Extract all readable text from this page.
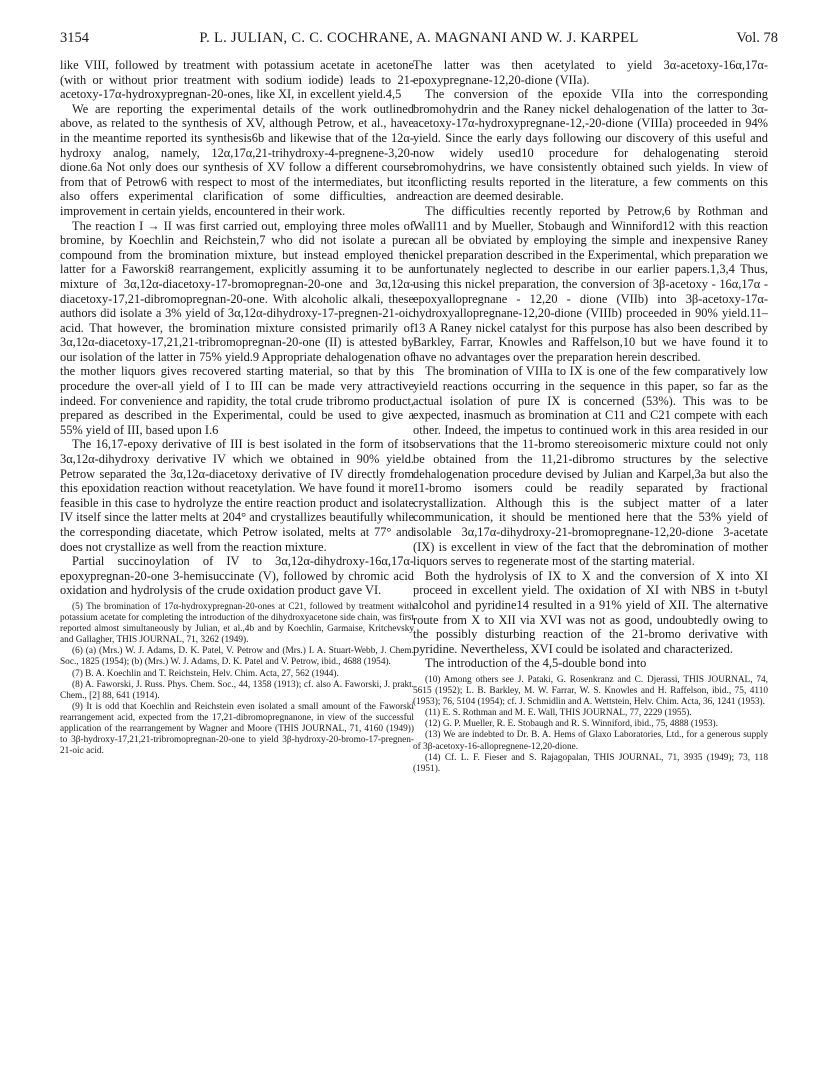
3154	P. L. JULIAN, C. C. COCHRANE, A. MAGNANI AND W. J. KARPEL	Vol. 78

like VIII, followed by treatment with potassium acetate in acetone (with or without prior treatment with sodium iodide) leads to 21-acetoxy-17α-hydroxypregnan-20-ones, like XI, in excellent yield.4,5

We are reporting the experimental details of the work outlined above, as related to the synthesis of XV, although Petrow, et al., have in the meantime reported its synthesis6b and likewise that of the 12α-hydroxy analog, namely, 12α,17α,21-trihydroxy-4-pregnene-3,20-dione.6a Not only does our synthesis of XV follow a different course from that of Petrow6 with respect to most of the intermediates, but it also offers experimental clarification of some difficulties, and improvement in certain yields, encountered in their work.

The reaction I → II was first carried out, employing three moles of bromine, by Koechlin and Reichstein,7 who did not isolate a pure compound from the bromination mixture, but instead employed the latter for a Faworski8 rearrangement, explicitly assuming it to be a mixture of 3α,12α-diacetoxy-17-bromopregnan-20-one and 3α,12α-diacetoxy-17,21-dibromopregnan-20-one. With alcoholic alkali, these authors did isolate a 3% yield of 3α,12α-dihydroxy-17-pregnen-21-oic acid. That however, the bromination mixture consisted primarily of 3α,12α-diacetoxy-17,21,21-tribromopregnan-20-one (II) is attested by our isolation of the latter in 75% yield.9 Appropriate dehalogenation of the mother liquors gives recovered starting material, so that by this procedure the over-all yield of I to III can be made very attractive indeed. For convenience and rapidity, the total crude tribromo product, prepared as described in the Experimental, could be used to give a 55% yield of III, based upon I.6

The 16,17-epoxy derivative of III is best isolated in the form of its 3α,12α-dihydroxy derivative IV which we obtained in 90% yield. Petrow separated the 3α,12α-diacetoxy derivative of IV directly from this epoxidation reaction without reacetylation. We have found it more feasible in this case to hydrolyze the entire reaction product and isolate IV itself since the latter melts at 204° and crystallizes beautifully while the corresponding diacetate, which Petrow isolated, melts at 77° and does not crystallize as well from the reaction mixture.

Partial succinoylation of IV to 3α,12α-dihydroxy-16α,17α-epoxypregnan-20-one 3-hemisuccinate (V), followed by chromic acid oxidation and hydrolysis of the crude oxidation product gave VI.

(5) The bromination of 17α-hydroxypregnan-20-ones at C21, followed by treatment with potassium acetate for completing the introduction of the dihydroxyacetone side chain, was first reported almost simultaneously by Julian, et al.,4b and by Koechlin, Garmaise, Kritchevsky and Gallagher, THIS JOURNAL, 71, 3262 (1949).

(6) (a) (Mrs.) W. J. Adams, D. K. Patel, V. Petrow and (Mrs.) I. A. Stuart-Webb, J. Chem. Soc., 1825 (1954); (b) (Mrs.) W. J. Adams, D. K. Patel and V. Petrow, ibid., 4688 (1954).

(7) B. A. Koechlin and T. Reichstein, Helv. Chim. Acta, 27, 562 (1944).

(8) A. Faworski, J. Russ. Phys. Chem. Soc., 44, 1358 (1913); cf. also A. Faworski, J. prakt. Chem., [2] 88, 641 (1914).

(9) It is odd that Koechlin and Reichstein even isolated a small amount of the Faworski rearrangement acid, expected from the 17,21-dibromopregnanone, in view of the successful application of the rearrangement by Wagner and Moore (THIS JOURNAL, 71, 4160 (1949)) to 3β-hydroxy-17,21,21-tribromopregnan-20-one to yield 3β-hydroxy-20-bromo-17-pregnen-21-oic acid.

The latter was then acetylated to yield 3α-acetoxy-16α,17α-epoxypregnane-12,20-dione (VIIa).

The conversion of the epoxide VIIa into the corresponding bromohydrin and the Raney nickel dehalogenation of the latter to 3α-acetoxy-17α-hydroxypregnane-12,-20-dione (VIIIa) proceeded in 94% yield. Since the early days following our discovery of this useful and now widely used10 procedure for dehalogenating steroid bromohydrins, we have consistently obtained such yields. In view of conflicting results reported in the literature, a few comments on this reaction are deemed desirable.

The difficulties recently reported by Petrow,6 by Rothman and Wall11 and by Mueller, Stobaugh and Winniford12 with this reaction can all be obviated by employing the simple and inexpensive Raney nickel preparation described in the Experimental, which preparation we unfortunately neglected to describe in our earlier papers.1,3,4 Thus, using this nickel preparation, the conversion of 3β-acetoxy - 16α,17α - epoxyallopregnane - 12,20 - dione (VIIb) into 3β-acetoxy-17α-hydroxyallopregnane-12,20-dione (VIIIb) proceeded in 90% yield.11–13 A Raney nickel catalyst for this purpose has also been described by Barkley, Farrar, Knowles and Raffelson,10 but we have found it to have no advantages over the preparation herein described.

The bromination of VIIIa to IX is one of the few comparatively low yield reactions occurring in the sequence in this paper, so far as the actual isolation of pure IX is concerned (53%). This was to be expected, inasmuch as bromination at C11 and C21 compete with each other. Indeed, the impetus to continued work in this area resided in our observations that the 11-bromo stereoisomeric mixture could not only be obtained from the 11,21-dibromo structures by the selective dehalogenation procedure devised by Julian and Karpel,3a but also the 11-bromo isomers could be readily separated by fractional crystallization. Although this is the subject matter of a later communication, it should be mentioned here that the 53% yield of isolable 3α,17α-dihydroxy-21-bromopregnane-12,20-dione 3-acetate (IX) is excellent in view of the fact that the debromination of mother liquors serves to regenerate most of the starting material.

Both the hydrolysis of IX to X and the conversion of X into XI proceed in excellent yield. The oxidation of XI with NBS in t-butyl alcohol and pyridine14 resulted in a 91% yield of XII. The alternative route from X to XII via XVI was not as good, undoubtedly owing to the possibly disturbing reaction of the 21-bromo derivative with pyridine. Nevertheless, XVI could be isolated and characterized.

The introduction of the 4,5-double bond into

(10) Among others see J. Pataki, G. Rosenkranz and C. Djerassi, THIS JOURNAL, 74, 5615 (1952); L. B. Barkley, M. W. Farrar, W. S. Knowles and H. Raffelson, ibid., 75, 4110 (1953); 76, 5104 (1954); cf. J. Schmidlin and A. Wettstein, Helv. Chim. Acta, 36, 1241 (1953).

(11) E. S. Rothman and M. E. Wall, THIS JOURNAL, 77, 2229 (1955).

(12) G. P. Mueller, R. E. Stobaugh and R. S. Winniford, ibid., 75, 4888 (1953).

(13) We are indebted to Dr. B. A. Hems of Glaxo Laboratories, Ltd., for a generous supply of 3β-acetoxy-16-allopregnene-12,20-dione.

(14) Cf. L. F. Fieser and S. Rajagopalan, THIS JOURNAL, 71, 3935 (1949); 73, 118 (1951).
